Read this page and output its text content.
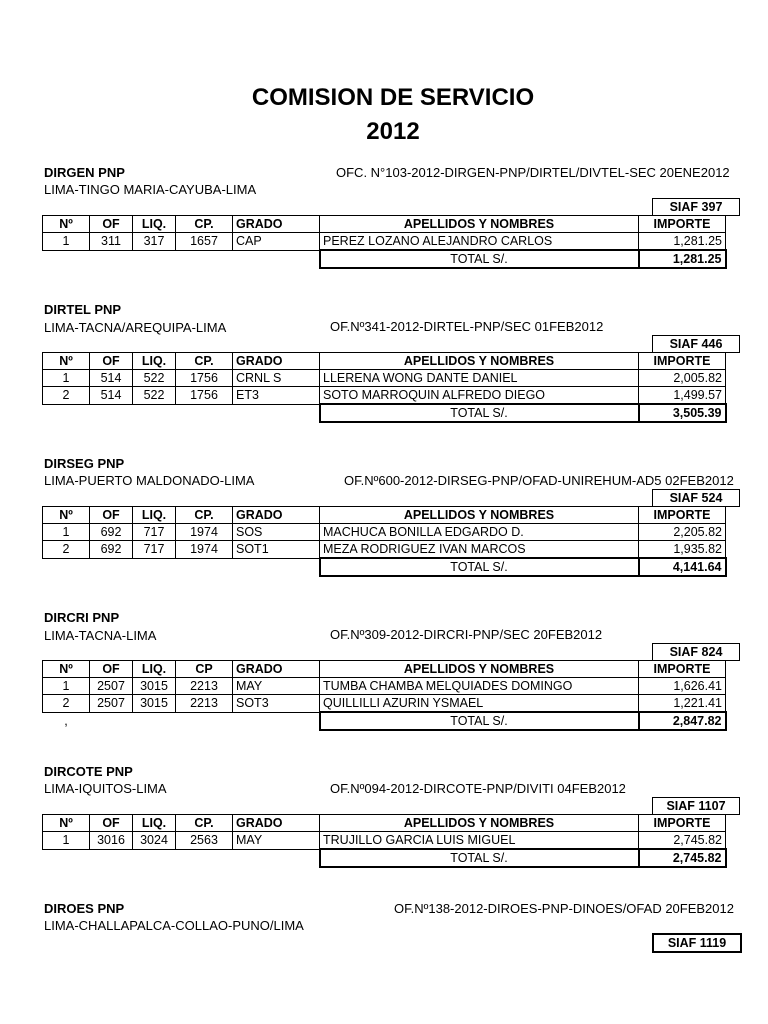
COMISION DE SERVICIO
2012
DIRGEN PNP	OFC. N°103-2012-DIRGEN-PNP/DIRTEL/DIVTEL-SEC 20ENE2012
LIMA-TINGO MARIA-CAYUBA-LIMA
SIAF 397
Nº	OF	LIQ.	CP.	GRADO	APELLIDOS Y NOMBRES	IMPORTE
1	311	317	1657	CAP	PEREZ LOZANO ALEJANDRO CARLOS	1,281.25
					TOTAL S/.	1,281.25
DIRTEL PNP
LIMA-TACNA/AREQUIPA-LIMA	OF.Nº341-2012-DIRTEL-PNP/SEC 01FEB2012
SIAF 446
Nº	OF	LIQ.	CP.	GRADO	APELLIDOS Y NOMBRES	IMPORTE
1	514	522	1756	CRNL S	LLERENA WONG DANTE DANIEL	2,005.82
2	514	522	1756	ET3	SOTO MARROQUIN ALFREDO DIEGO	1,499.57
					TOTAL S/.	3,505.39
DIRSEG PNP
LIMA-PUERTO MALDONADO-LIMA	OF.Nº600-2012-DIRSEG-PNP/OFAD-UNIREHUM-AD5 02FEB2012
SIAF 524
Nº	OF	LIQ.	CP.	GRADO	APELLIDOS Y NOMBRES	IMPORTE
1	692	717	1974	SOS	MACHUCA BONILLA EDGARDO D.	2,205.82
2	692	717	1974	SOT1	MEZA RODRIGUEZ IVAN MARCOS	1,935.82
					TOTAL S/.	4,141.64
DIRCRI PNP
LIMA-TACNA-LIMA	OF.Nº309-2012-DIRCRI-PNP/SEC 20FEB2012
SIAF 824
Nº	OF	LIQ.	CP	GRADO	APELLIDOS Y NOMBRES	IMPORTE
1	2507	3015	2213	MAY	TUMBA CHAMBA MELQUIADES DOMINGO	1,626.41
2	2507	3015	2213	SOT3	QUILLILLI AZURIN YSMAEL	1,221.41
,					TOTAL S/.	2,847.82
DIRCOTE PNP
LIMA-IQUITOS-LIMA	OF.Nº094-2012-DIRCOTE-PNP/DIVITI 04FEB2012
SIAF 1107
Nº	OF	LIQ.	CP.	GRADO	APELLIDOS Y NOMBRES	IMPORTE
1	3016	3024	2563	MAY	TRUJILLO GARCIA LUIS MIGUEL	2,745.82
					TOTAL S/.	2,745.82
DIROES PNP	OF.Nº138-2012-DIROES-PNP-DINOES/OFAD 20FEB2012
LIMA-CHALLAPALCA-COLLAO-PUNO/LIMA
SIAF 1119
